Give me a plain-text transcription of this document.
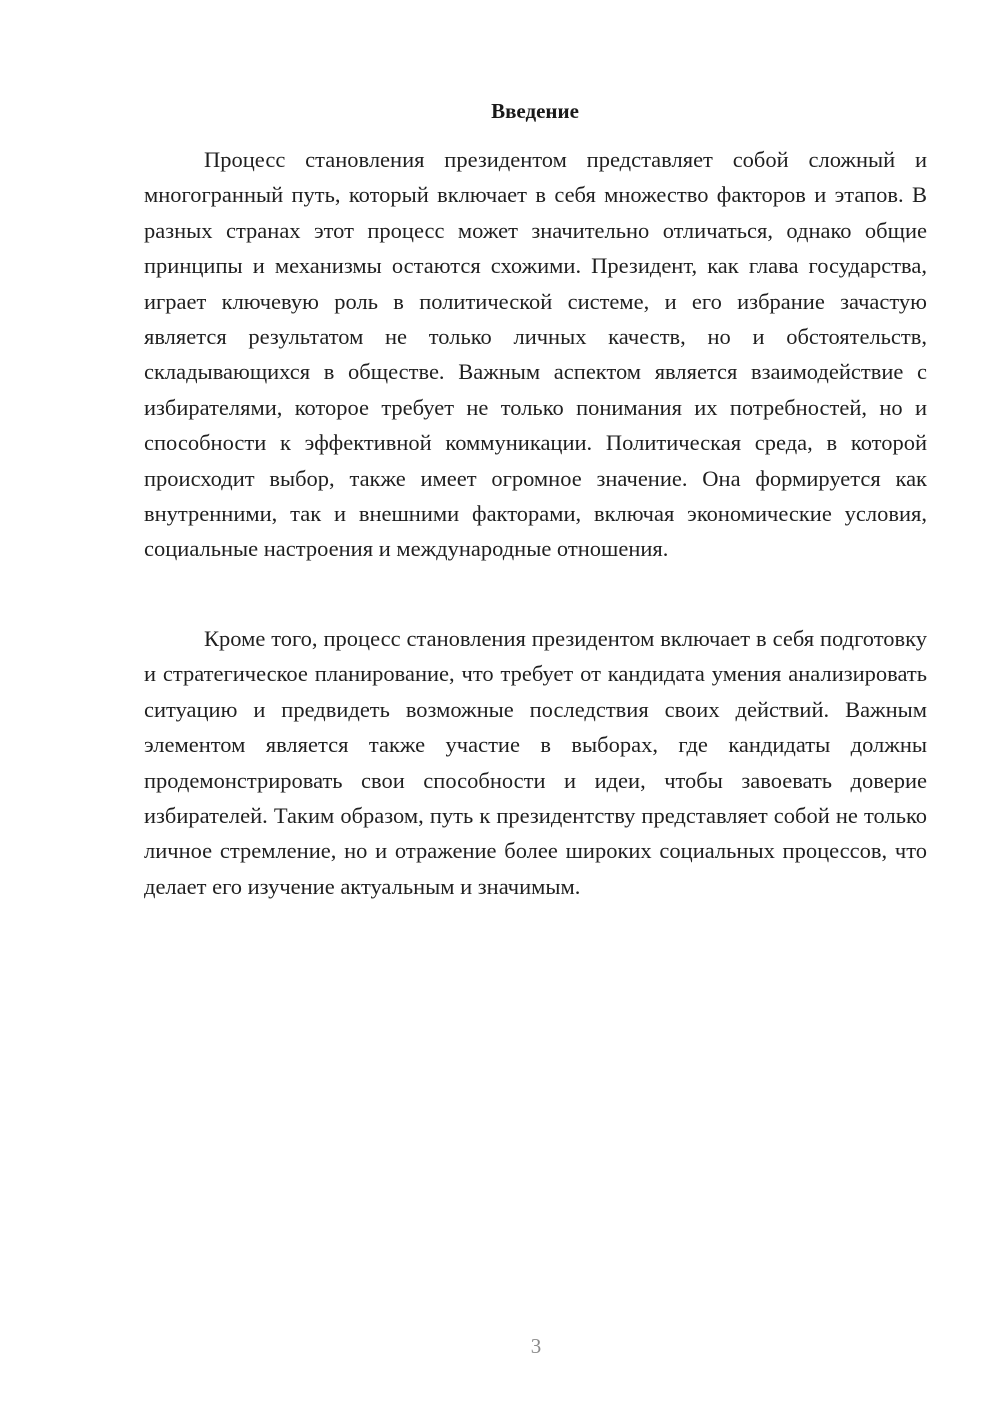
Введение

Процесс становления президентом представляет собой сложный и многогранный путь, который включает в себя множество факторов и этапов. В разных странах этот процесс может значительно отличаться, однако общие принципы и механизмы остаются схожими. Президент, как глава государства, играет ключевую роль в политической системе, и его избрание зачастую является результатом не только личных качеств, но и обстоятельств, складывающихся в обществе. Важным аспектом является взаимодействие с избирателями, которое требует не только понимания их потребностей, но и способности к эффективной коммуникации. Политическая среда, в которой происходит выбор, также имеет огромное значение. Она формируется как внутренними, так и внешними факторами, включая экономические условия, социальные настроения и международные отношения.

Кроме того, процесс становления президентом включает в себя подготовку и стратегическое планирование, что требует от кандидата умения анализировать ситуацию и предвидеть возможные последствия своих действий. Важным элементом является также участие в выборах, где кандидаты должны продемонстрировать свои способности и идеи, чтобы завоевать доверие избирателей. Таким образом, путь к президентству представляет собой не только личное стремление, но и отражение более широких социальных процессов, что делает его изучение актуальным и значимым.

3
